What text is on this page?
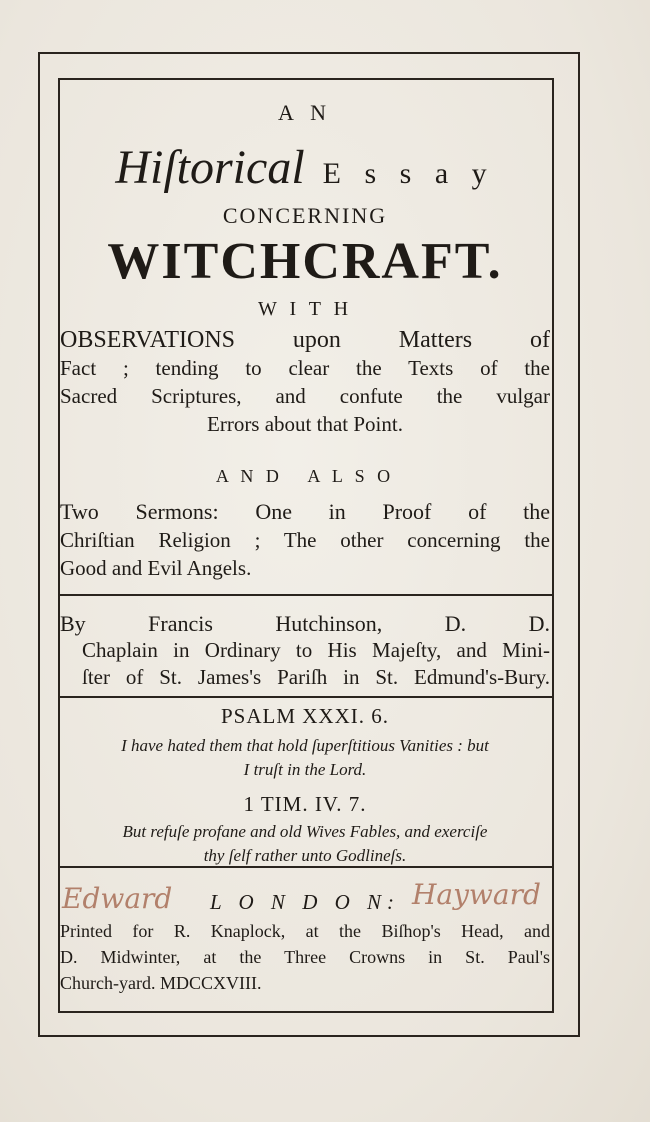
A N
Hiſtorical E s s a y
CONCERNING
WITCHCRAFT.
W I T H
OBSERVATIONS upon Matters of
Fact ; tending to clear the Texts of the
Sacred Scriptures, and confute the vulgar
Errors about that Point.
A N D   A L S O
Two Sermons: One in Proof of the
Chriſtian Religion ; The other concerning the
Good and Evil Angels.
By Francis Hutchinson, D. D.
Chaplain in Ordinary to His Majeſty, and Mini-
ſter of St. James's Pariſh in St. Edmund's-Bury.
PSALM XXXI. 6.
I have hated them that hold ſuperſtitious Vanities : but
I truſt in the Lord.
1 TIM. IV. 7.
But refuſe profane and old Wives Fables, and exerciſe
thy ſelf rather unto Godlineſs.
L O N D O N:
Printed for R. Knaplock, at the Biſhop's Head, and
D. Midwinter, at the Three Crowns in St. Paul's
Church-yard. MDCCXVIII.
Edward	Hayward
